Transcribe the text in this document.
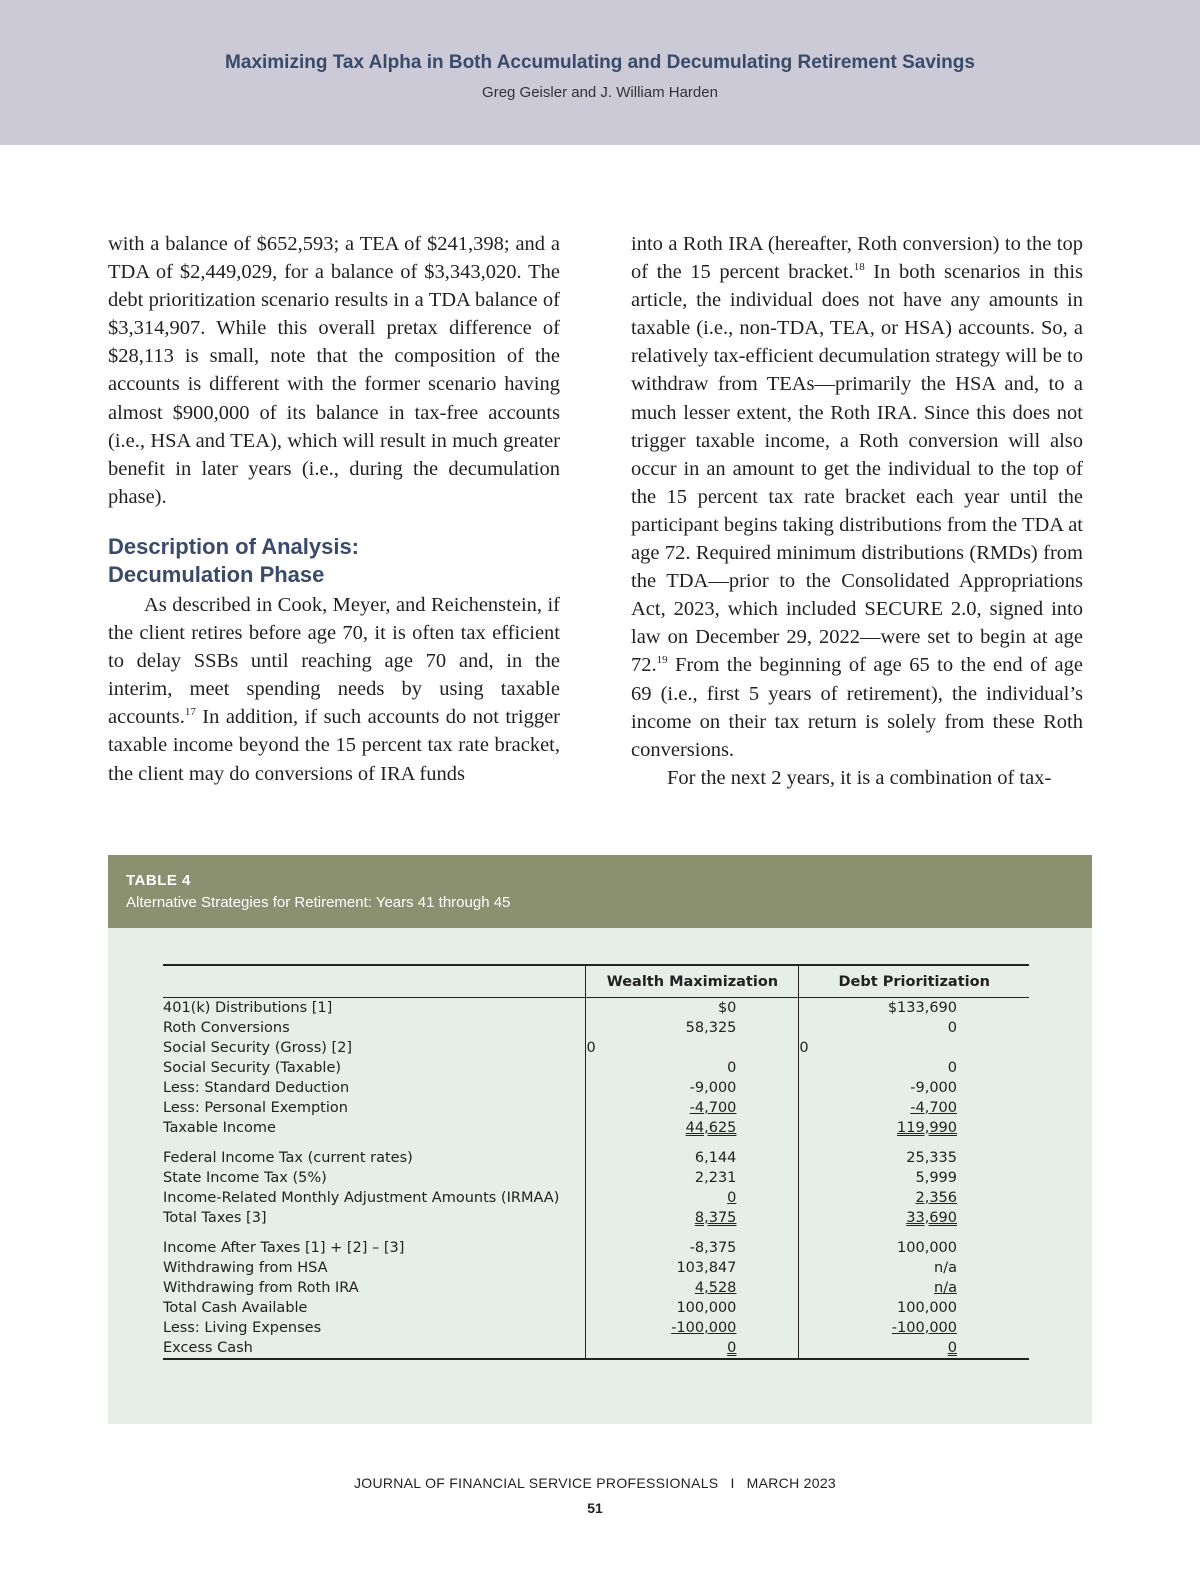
Maximizing Tax Alpha in Both Accumulating and Decumulating Retirement Savings
Greg Geisler and J. William Harden

with a balance of $652,593; a TEA of $241,398; and a TDA of $2,449,029, for a balance of $3,343,020. The debt prioritization scenario results in a TDA balance of $3,314,907. While this overall pretax difference of $28,113 is small, note that the composition of the accounts is different with the former scenario having almost $900,000 of its balance in tax-free accounts (i.e., HSA and TEA), which will result in much greater benefit in later years (i.e., during the decumulation phase).

Description of Analysis:
Decumulation Phase

As described in Cook, Meyer, and Reichenstein, if the client retires before age 70, it is often tax efficient to delay SSBs until reaching age 70 and, in the interim, meet spending needs by using taxable accounts.$^{17}$ In addition, if such accounts do not trigger taxable income beyond the 15 percent tax rate bracket, the client may do conversions of IRA funds

into a Roth IRA (hereafter, Roth conversion) to the top of the 15 percent bracket.$^{18}$ In both scenarios in this article, the individual does not have any amounts in taxable (i.e., non-TDA, TEA, or HSA) accounts. So, a relatively tax-efficient decumulation strategy will be to withdraw from TEAs—primarily the HSA and, to a much lesser extent, the Roth IRA. Since this does not trigger taxable income, a Roth conversion will also occur in an amount to get the individual to the top of the 15 percent tax rate bracket each year until the participant begins taking distributions from the TDA at age 72. Required minimum distributions (RMDs) from the TDA—prior to the Consolidated Appropriations Act, 2023, which included SECURE 2.0, signed into law on December 29, 2022—were set to begin at age 72.19 From the beginning of age 65 to the end of age 69 (i.e., first 5 years of retirement), the individual’s income on their tax return is solely from these Roth conversions.

For the next 2 years, it is a combination of tax-

TABLE 4
Alternative Strategies for Retirement: Years 41 through 45
	Wealth Maximization	Debt Prioritization
401(k) Distributions [1]	$0	$133,690
Roth Conversions	58,325	0
Social Security (Gross) [2]	0	0
Social Security (Taxable)	0	0
Less: Standard Deduction	-9,000	-9,000
Less: Personal Exemption	-4,700	-4,700
Taxable Income	44,625	119,990

Federal Income Tax (current rates)	6,144	25,335
State Income Tax (5%)	2,231	5,999
Income-Related Monthly Adjustment Amounts (IRMAA)	0	2,356
Total Taxes [3]	8,375	33,690

Income After Taxes [1] + [2] – [3]	-8,375	100,000
Withdrawing from HSA	103,847	n/a
Withdrawing from Roth IRA	4,528	n/a
Total Cash Available	100,000	100,000
Less: Living Expenses	-100,000	-100,000
Excess Cash	0	0
JOURNAL OF FINANCIAL SERVICE PROFESSIONALS I MARCH 2023
51
